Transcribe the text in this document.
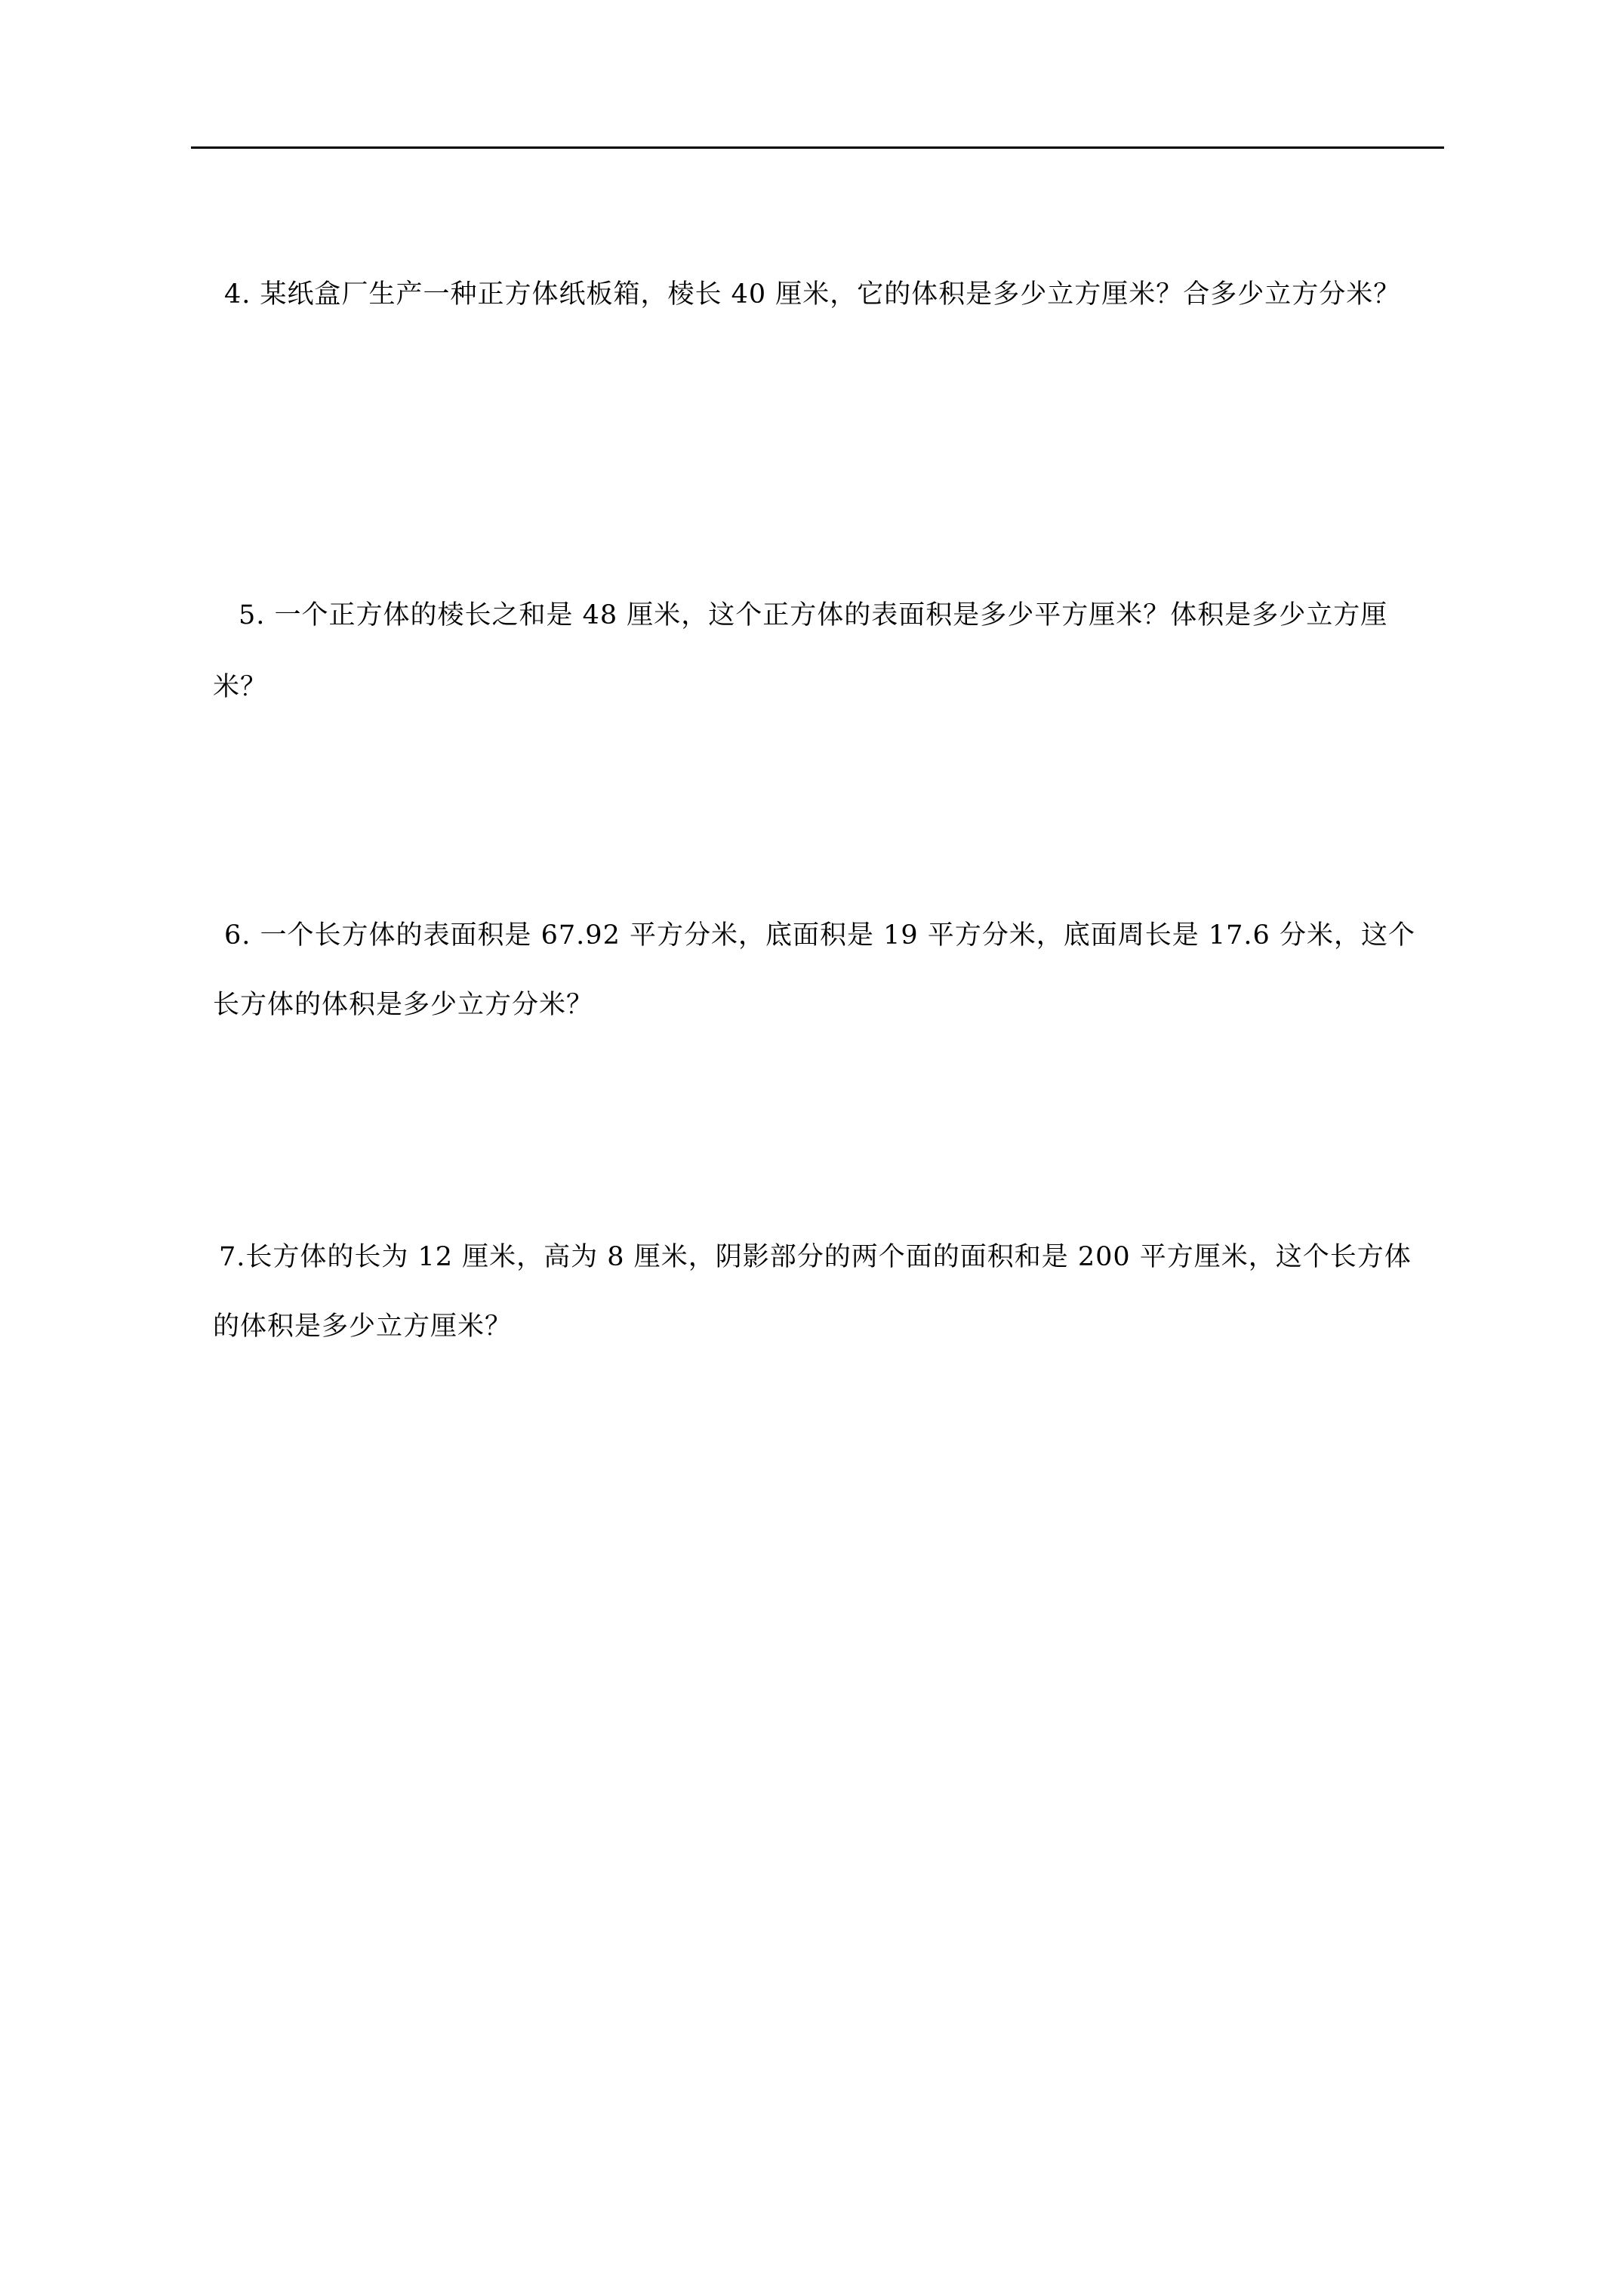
4. 某纸盒厂生产一种正方体纸板箱，棱长 40 厘米，它的体积是多少立方厘米？合多少立方分米？
5. 一个正方体的棱长之和是 48 厘米，这个正方体的表面积是多少平方厘米？体积是多少立方厘
米？
6. 一个长方体的表面积是 67.92 平方分米，底面积是 19 平方分米，底面周长是 17.6 分米，这个
长方体的体积是多少立方分米？
7.长方体的长为 12 厘米，高为 8 厘米，阴影部分的两个面的面积和是 200 平方厘米，这个长方体
的体积是多少立方厘米？
